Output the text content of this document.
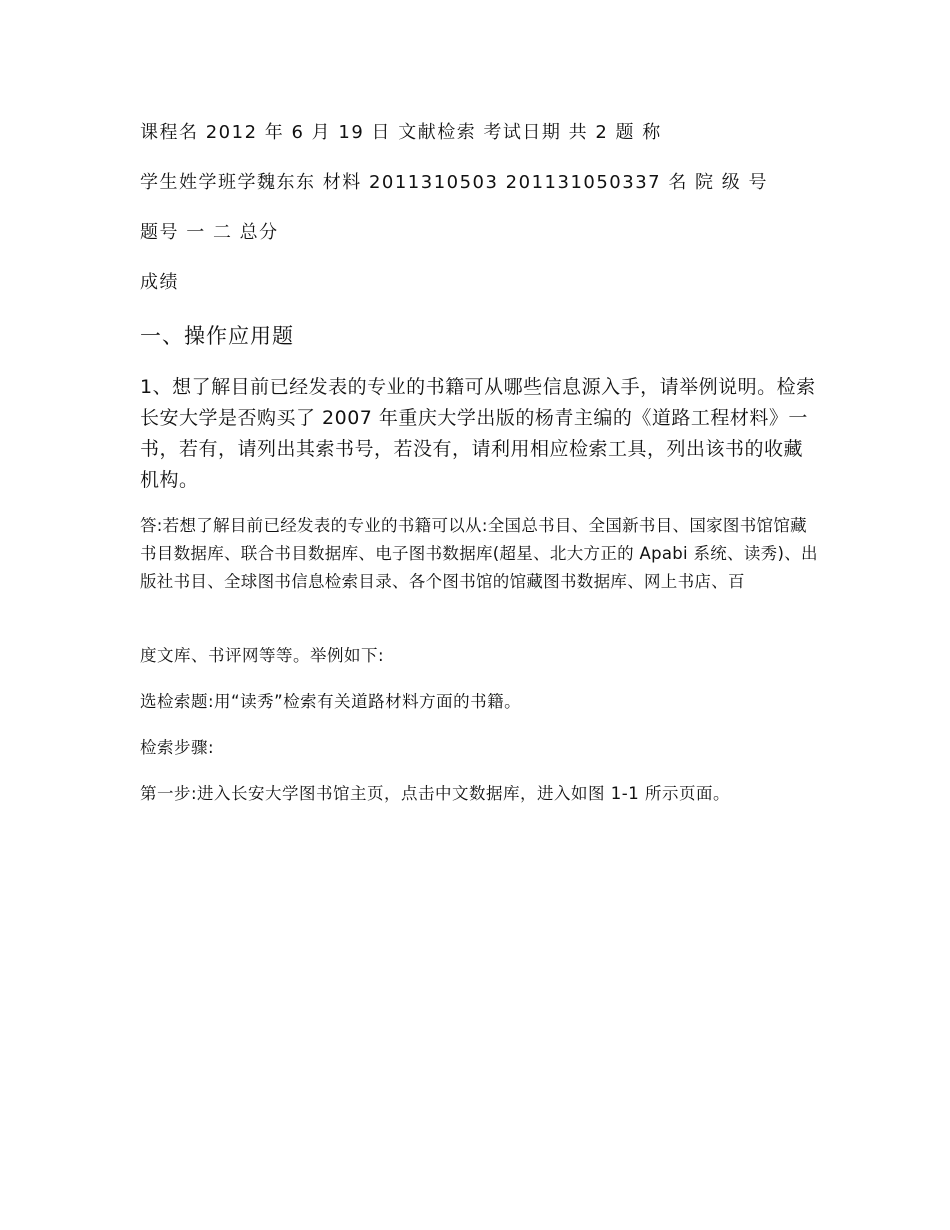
课程名 2012 年 6 月 19 日 文献检索 考试日期 共 2 题 称
学生姓学班学魏东东 材料 2011310503 201131050337 名 院 级 号
题号 一 二 总分
成绩
一、操作应用题
1、想了解目前已经发表的专业的书籍可从哪些信息源入手，请举例说明。检索长安大学是否购买了 2007 年重庆大学出版的杨青主编的《道路工程材料》一书，若有，请列出其索书号，若没有，请利用相应检索工具，列出该书的收藏机构。
答:若想了解目前已经发表的专业的书籍可以从:全国总书目、全国新书目、国家图书馆馆藏书目数据库、联合书目数据库、电子图书数据库(超星、北大方正的 Apabi 系统、读秀)、出版社书目、全球图书信息检索目录、各个图书馆的馆藏图书数据库、网上书店、百
度文库、书评网等等。举例如下:
选检索题:用“读秀”检索有关道路材料方面的书籍。
检索步骤:
第一步:进入长安大学图书馆主页，点击中文数据库，进入如图 1-1 所示页面。
